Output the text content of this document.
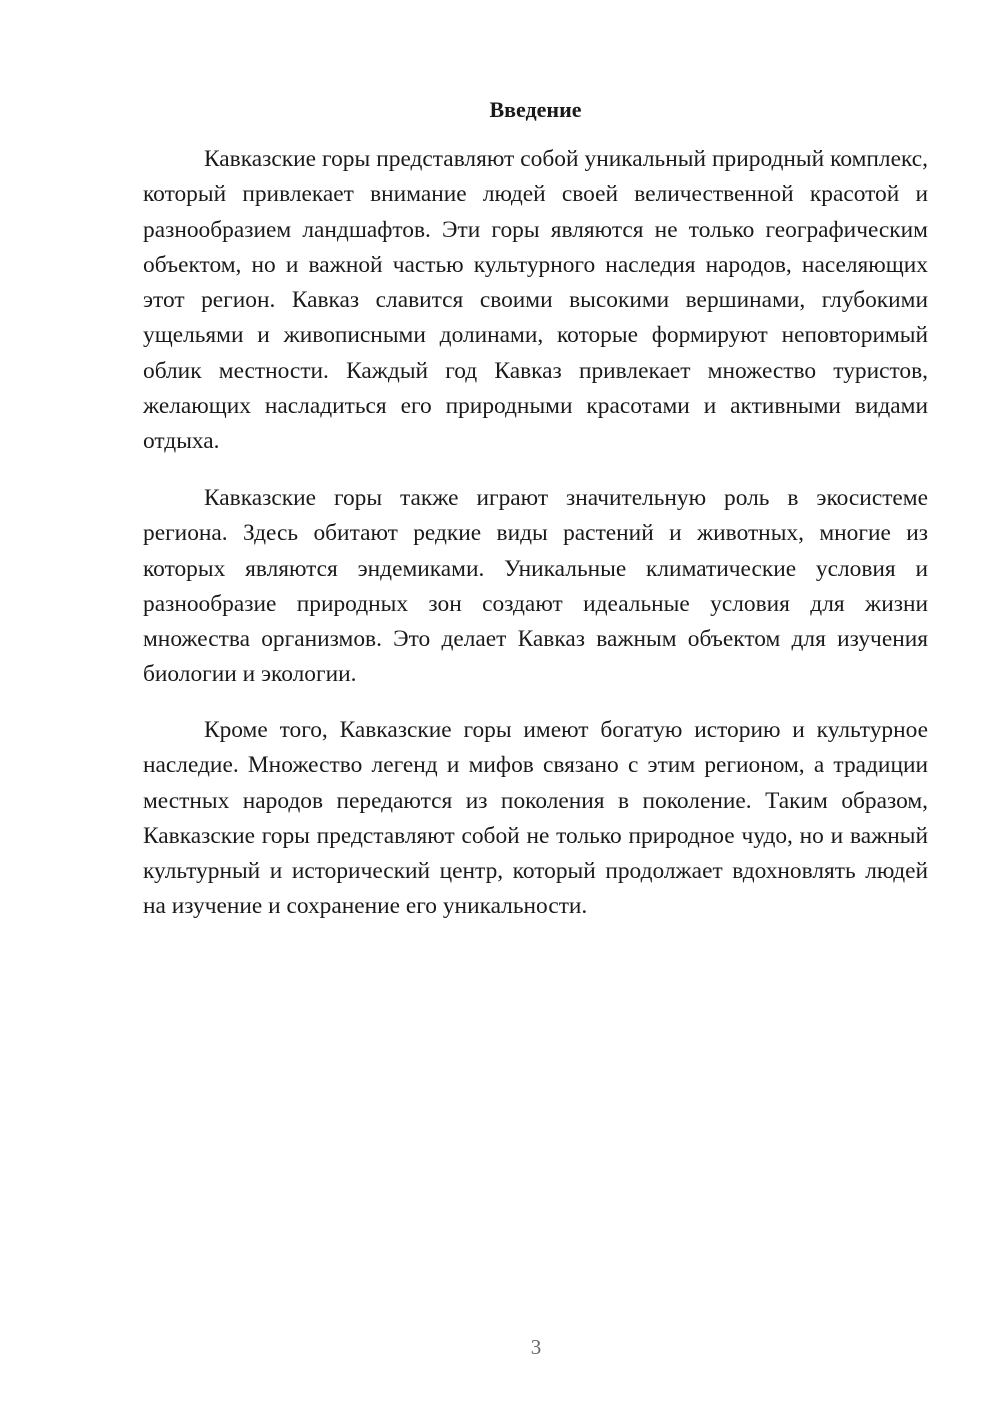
Введение

Кавказские горы представляют собой уникальный природный комплекс, который привлекает внимание людей своей величественной красотой и разнообразием ландшафтов. Эти горы являются не только географическим объектом, но и важной частью культурного наследия народов, населяющих этот регион. Кавказ славится своими высокими вершинами, глубокими ущельями и живописными долинами, которые формируют неповторимый облик местности. Каждый год Кавказ привлекает множество туристов, желающих насладиться его природными красотами и активными видами отдыха.

Кавказские горы также играют значительную роль в экосистеме региона. Здесь обитают редкие виды растений и животных, многие из которых являются эндемиками. Уникальные климатические условия и разнообразие природных зон создают идеальные условия для жизни множества организмов. Это делает Кавказ важным объектом для изучения биологии и экологии.

Кроме того, Кавказские горы имеют богатую историю и культурное наследие. Множество легенд и мифов связано с этим регионом, а традиции местных народов передаются из поколения в поколение. Таким образом, Кавказские горы представляют собой не только природное чудо, но и важный культурный и исторический центр, который продолжает вдохновлять людей на изучение и сохранение его уникальности.

3
